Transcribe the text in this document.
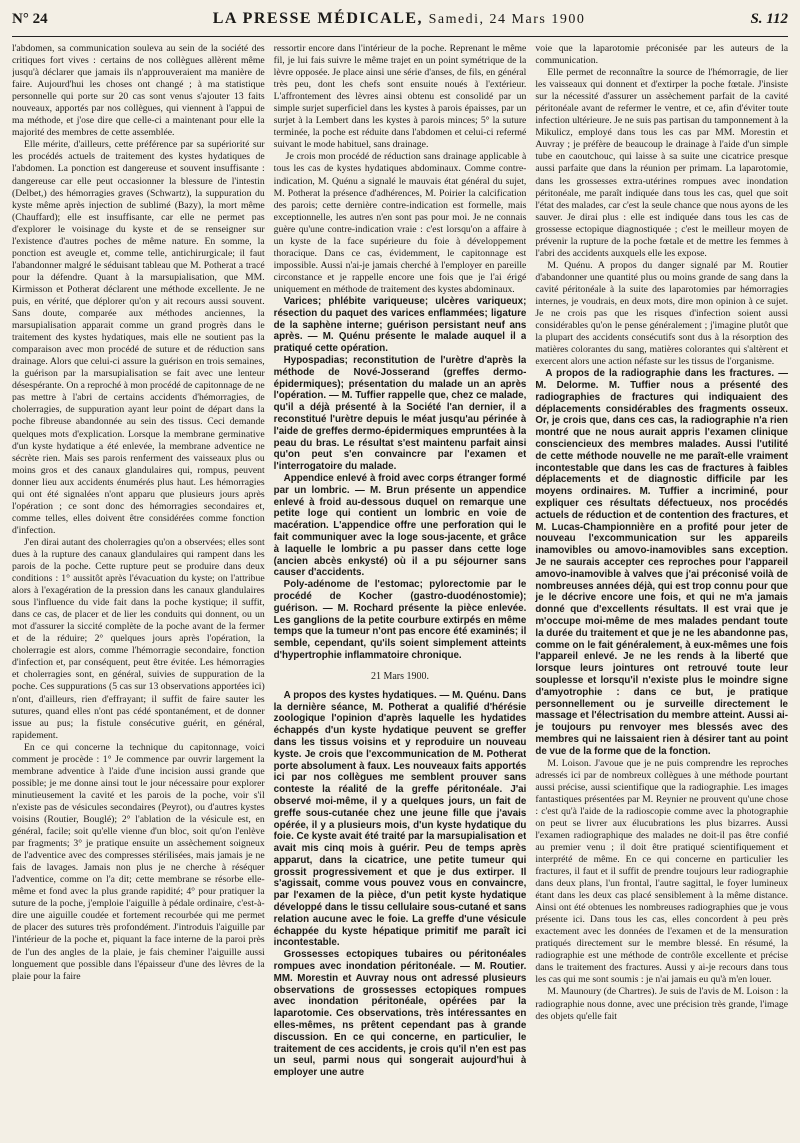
N° 24	LA PRESSE MÉDICALE, Samedi, 24 Mars 1900	S. 112

l'abdomen, sa communication souleva au sein de la société des critiques fort vives : certains de nos collègues allèrent même jusqu'à déclarer que jamais ils n'approuveraient ma manière de faire. Aujourd'hui les choses ont changé ; à ma statistique personnelle qui porte sur 20 cas sont venus s'ajouter 13 faits nouveaux, apportés par nos collègues, qui viennent à l'appui de ma méthode, et j'ose dire que celle-ci a maintenant pour elle la majorité des membres de cette assemblée.

Elle mérite, d'ailleurs, cette préférence par sa supériorité sur les procédés actuels de traitement des kystes hydatiques de l'abdomen. La ponction est dangereuse et souvent insuffisante : dangereuse car elle peut occasionner la blessure de l'intestin (Delbet,) des hémorragies graves (Schwartz), la suppuration du kyste même après injection de sublimé (Bazy), la mort même (Chauffard); elle est insuffisante, car elle ne permet pas d'explorer le voisinage du kyste et de se renseigner sur l'existence d'autres poches de même nature. En somme, la ponction est aveugle et, comme telle, antichirurgicale; il faut l'abandonner malgré le séduisant tableau que M. Potherat a tracé pour la défendre. Quant à la marsupialisation, que MM. Kirmisson et Potherat déclarent une méthode excellente. Je ne puis, en vérité, que déplorer qu'on y ait recours aussi souvent. Sans doute, comparée aux méthodes anciennes, la marsupialisation apparait comme un grand progrès dans le traitement des kystes hydatiques, mais elle ne soutient pas la comparaison avec mon procédé de suture et de réduction sans drainage. Alors que celui-ci assure la guérison en trois semaines, la guérison par la marsupialisation se fait avec une lenteur désespérante. On a reproché à mon procédé de capitonnage de ne pas mettre à l'abri de certains accidents d'hémorragies, de cholerragies, de suppuration ayant leur point de départ dans la poche fibreuse abandonnée au sein des tissus. Ceci demande quelques mots d'explication. Lorsque la membrane germinative d'un kyste hydatique a été enlevée, la membrane adventice ne sécrète rien. Mais ses parois renferment des vaisseaux plus ou moins gros et des canaux glandulaires qui, rompus, peuvent donner lieu aux accidents énumérés plus haut. Les hémorragies qui ont été signalées n'ont apparu que plusieurs jours après l'opération ; ce sont donc des hémorragies secondaires et, comme telles, elles doivent être considérées comme fonction d'infection.

J'en dirai autant des cholerragies qu'on a observées; elles sont dues à la rupture des canaux glandulaires qui rampent dans les parois de la poche. Cette rupture peut se produire dans deux conditions : 1° aussitôt après l'évacuation du kyste; on l'attribue alors à l'exagération de la pression dans les canaux glandulaires sous l'influence du vide fait dans la poche kystique; il suffit, dans ce cas, de placer et de lier les conduits qui donnent, ou un mot d'assurer la siccité complète de la poche avant de la fermer et de la réduire; 2° quelques jours après l'opération, la cholerragie est alors, comme l'hémorragie secondaire, fonction d'infection et, par conséquent, peut être évitée. Les hémorragies et cholerragies sont, en général, suivies de suppuration de la poche. Ces suppurations (5 cas sur 13 observations apportées ici) n'ont, d'ailleurs, rien d'effrayant; il suffit de faire sauter les sutures, quand elles n'ont pas cédé spontanément, et de donner issue au pus; la fistule consécutive guérit, en général, rapidement.

En ce qui concerne la technique du capitonnage, voici comment je procède : 1° Je commence par ouvrir largement la membrane adventice à l'aide d'une incision aussi grande que possible; je me donne ainsi tout le jour nécessaire pour explorer minutieusement la cavité et les parois de la poche, voir s'il n'existe pas de vésicules secondaires (Peyrot), ou d'autres kystes voisins (Routier, Bouglé); 2° l'ablation de la vésicule est, en général, facile; soit qu'elle vienne d'un bloc, soit qu'on l'enlève par fragments; 3° je pratique ensuite un assèchement soigneux de l'adventice avec des compresses stérilisées, mais jamais je ne fais de lavages. Jamais non plus je ne cherche à réséquer l'adventice, comme on l'a dit; cette membrane se résorbe elle-même et fond avec la plus grande rapidité; 4° pour pratiquer la suture de la poche, j'emploie l'aiguille à pédale ordinaire, c'est-à-dire une aiguille coudée et fortement recourbée qui me permet de placer des sutures très profondément. J'introduis l'aiguille par l'intérieur de la poche et, piquant la face interne de la paroi près de l'un des angles de la plaie, je fais cheminer l'aiguille aussi longuement que possible dans l'épaisseur d'une des lèvres de la plaie pour la faire

ressortir encore dans l'intérieur de la poche. Reprenant le même fil, je lui fais suivre le même trajet en un point symétrique de la lèvre opposée. Je place ainsi une série d'anses, de fils, en général très peu, dont les chefs sont ensuite noués à l'extérieur. L'affrontement des lèvres ainsi obtenu est consolidé par un simple surjet superficiel dans les kystes à parois épaisses, par un surjet à la Lembert dans les kystes à parois minces; 5° la suture terminée, la poche est réduite dans l'abdomen et celui-ci refermé suivant le mode habituel, sans drainage.

Je crois mon procédé de réduction sans drainage applicable à tous les cas de kystes hydatiques abdominaux. Comme contre-indication, M. Quénu a signalé le mauvais état général du sujet, M. Potherat la présence d'adhérences, M. Poirier la calcification des parois; cette dernière contre-indication est formelle, mais exceptionnelle, les autres n'en sont pas pour moi. Je ne connais guère qu'une contre-indication vraie : c'est lorsqu'on a affaire à un kyste de la face supérieure du foie à développement thoracique. Dans ce cas, évidemment, le capitonnage est impossible. Aussi n'ai-je jamais cherché à l'employer en pareille circonstance et je rappelle encore une fois que je l'ai érigé uniquement en méthode de traitement des kystes abdominaux.

Varices; phlébite variqueuse; ulcères variqueux; résection du paquet des varices enflammées; ligature de la saphène interne; guérison persistant neuf ans après. — M. Quénu présente le malade auquel il a pratiqué cette opération.

Hypospadias; reconstitution de l'urètre d'après la méthode de Nové-Josserand (greffes dermo-épidermiques); présentation du malade un an après l'opération. — M. Tuffier rappelle que, chez ce malade, qu'il a déjà présenté à la Société l'an dernier, il a reconstitué l'urètre depuis le méat jusqu'au périnée à l'aide de greffes dermo-épidermiques empruntées à la peau du bras. Le résultat s'est maintenu parfait ainsi qu'on peut s'en convaincre par l'examen et l'interrogatoire du malade.

Appendice enlevé à froid avec corps étranger formé par un lombric. — M. Brun présente un appendice enlevé à froid au-dessous duquel on remarque une petite loge qui contient un lombric en voie de macération. L'appendice offre une perforation qui le fait communiquer avec la loge sous-jacente, et grâce à laquelle le lombric a pu passer dans cette loge (ancien abcès enkysté) où il a pu séjourner sans causer d'accidents.

Poly-adénome de l'estomac; pylorectomie par le procédé de Kocher (gastro-duodénostomie); guérison. — M. Rochard présente la pièce enlevée. Les ganglions de la petite courbure extirpés en même temps que la tumeur n'ont pas encore été examinés; il semble, cependant, qu'ils soient simplement atteints d'hypertrophie inflammatoire chronique.

21 Mars 1900.

A propos des kystes hydatiques. — M. Quénu. Dans la dernière séance, M. Potherat a qualifié d'hérésie zoologique l'opinion d'après laquelle les hydatides échappés d'un kyste hydatique peuvent se greffer dans les tissus voisins et y reproduire un nouveau kyste. Je crois que l'excommunication de M. Potherat porte absolument à faux. Les nouveaux faits apportés ici par nos collègues me semblent prouver sans conteste la réalité de la greffe péritonéale. J'ai observé moi-même, il y a quelques jours, un fait de greffe sous-cutanée chez une jeune fille que j'avais opérée, il y a plusieurs mois, d'un kyste hydatique du foie. Ce kyste avait été traité par la marsupialisation et avait mis cinq mois à guérir. Peu de temps après apparut, dans la cicatrice, une petite tumeur qui grossit progressivement et que je dus extirper. Il s'agissait, comme vous pouvez vous en convaincre, par l'examen de la pièce, d'un petit kyste hydatique développé dans le tissu cellulaire sous-cutané et sans relation aucune avec le foie. La greffe d'une vésicule échappée du kyste hépatique primitif me paraît ici incontestable.

Grossesses ectopiques tubaires ou péritonéales rompues avec inondation péritonéale. — M. Routier. MM. Morestin et Auvray nous ont adressé plusieurs observations de grossesses ectopiques rompues avec inondation péritonéale, opérées par la laparotomie. Ces observations, très intéressantes en elles-mêmes, ns prêtent cependant pas à grande discussion. En ce qui concerne, en particulier, le traitement de ces accidents, je crois qu'il n'en est pas un seul, parmi nous qui songerait aujourd'hui à employer une autre

voie que la laparotomie préconisée par les auteurs de la communication.

Elle permet de reconnaître la source de l'hémorragie, de lier les vaisseaux qui donnent et d'extirper la poche fœtale. J'insiste sur la nécessité d'assurer un assèchement parfait de la cavité péritonéale avant de refermer le ventre, et ce, afin d'éviter toute infection ultérieure. Je ne suis pas partisan du tamponnement à la Mikulicz, employé dans tous les cas par MM. Morestin et Auvray ; je préfère de beaucoup le drainage à l'aide d'un simple tube en caoutchouc, qui laisse à sa suite une cicatrice presque aussi parfaite que dans la réunion per primam. La laparotomie, dans les grossesses extra-utérines rompues avec inondation péritonéale, me paraît indiquée dans tous les cas, quel que soit l'état des malades, car c'est la seule chance que nous ayons de les sauver. Je dirai plus : elle est indiquée dans tous les cas de grossesse ectopique diagnostiquée ; c'est le meilleur moyen de prévenir la rupture de la poche fœtale et de mettre les femmes à l'abri des accidents auxquels elle les expose.

M. Quénu. A propos du danger signalé par M. Routier d'abandonner une quantité plus ou moins grande de sang dans la cavité péritonéale à la suite des laparotomies par hémorragies internes, je voudrais, en deux mots, dire mon opinion à ce sujet. Je ne crois pas que les risques d'infection soient aussi considérables qu'on le pense généralement ; j'imagine plutôt que la plupart des accidents consécutifs sont dus à la résorption des matières colorantes du sang, matières colorantes qui s'altèrent et exercent alors une action néfaste sur les tissus de l'organisme.

A propos de la radiographie dans les fractures. — M. Delorme. M. Tuffier nous a présenté des radiographies de fractures qui indiquaient des déplacements considérables des fragments osseux. Or, je crois que, dans ces cas, la radiographie n'a rien montré que ne nous aurait appris l'examen clinique consciencieux des membres malades. Aussi l'utilité de cette méthode nouvelle ne me paraît-elle vraiment incontestable que dans les cas de fractures à faibles déplacements et de diagnostic difficile par les moyens ordinaires. M. Tuffier a incriminé, pour expliquer ces résultats défectueux, nos procédés actuels de réduction et de contention des fractures, et M. Lucas-Championnière en a profité pour jeter de nouveau l'excommunication sur les appareils inamovibles ou amovo-inamovibles sans exception. Je ne saurais accepter ces reproches pour l'appareil amovo-inamovible à valves que j'ai préconisé voilà de nombreuses années déjà, qui est trop connu pour que je le décrive encore une fois, et qui ne m'a jamais donné que d'excellents résultats. Il est vrai que je m'occupe moi-même de mes malades pendant toute la durée du traitement et que je ne les abandonne pas, comme on le fait généralement, à eux-mêmes une fois l'appareil enlevé. Je ne les rends à la liberté que lorsque leurs jointures ont retrouvé toute leur souplesse et lorsqu'il n'existe plus le moindre signe d'amyotrophie : dans ce but, je pratique personnellement ou je surveille directement le massage et l'électrisation du membre atteint. Aussi ai-je toujours pu renvoyer mes blessés avec des membres qui ne laissaient rien à désirer tant au point de vue de la forme que de la fonction.

M. Loison. J'avoue que je ne puis comprendre les reproches adressés ici par de nombreux collègues à une méthode pourtant aussi précise, aussi scientifique que la radiographie. Les images fantastiques présentées par M. Reynier ne prouvent qu'une chose : c'est qu'à l'aide de la radioscopie comme avec la photographie on peut se livrer aux élucubrations les plus bizarres. Aussi l'examen radiographique des malades ne doit-il pas être confié au premier venu ; il doit être pratiqué scientifiquement et interprété de même. En ce qui concerne en particulier les fractures, il faut et il suffit de prendre toujours leur radiographie dans deux plans, l'un frontal, l'autre sagittal, le foyer lumineux étant dans les deux cas placé sensiblement à la même distance. Ainsi ont été obtenues les nombreuses radiographies que je vous présente ici. Dans tous les cas, elles concordent à peu près exactement avec les données de l'examen et de la mensuration pratiqués directement sur le membre blessé. En résumé, la radiographie est une méthode de contrôle excellente et précise dans le traitement des fractures. Aussi y ai-je recours dans tous les cas qui me sont soumis : je n'ai jamais eu qu'à m'en louer.

M. Maunoury (de Chartres). Je suis de l'avis de M. Loison : la radiographie nous donne, avec une précision très grande, l'image des objets qu'elle fait
